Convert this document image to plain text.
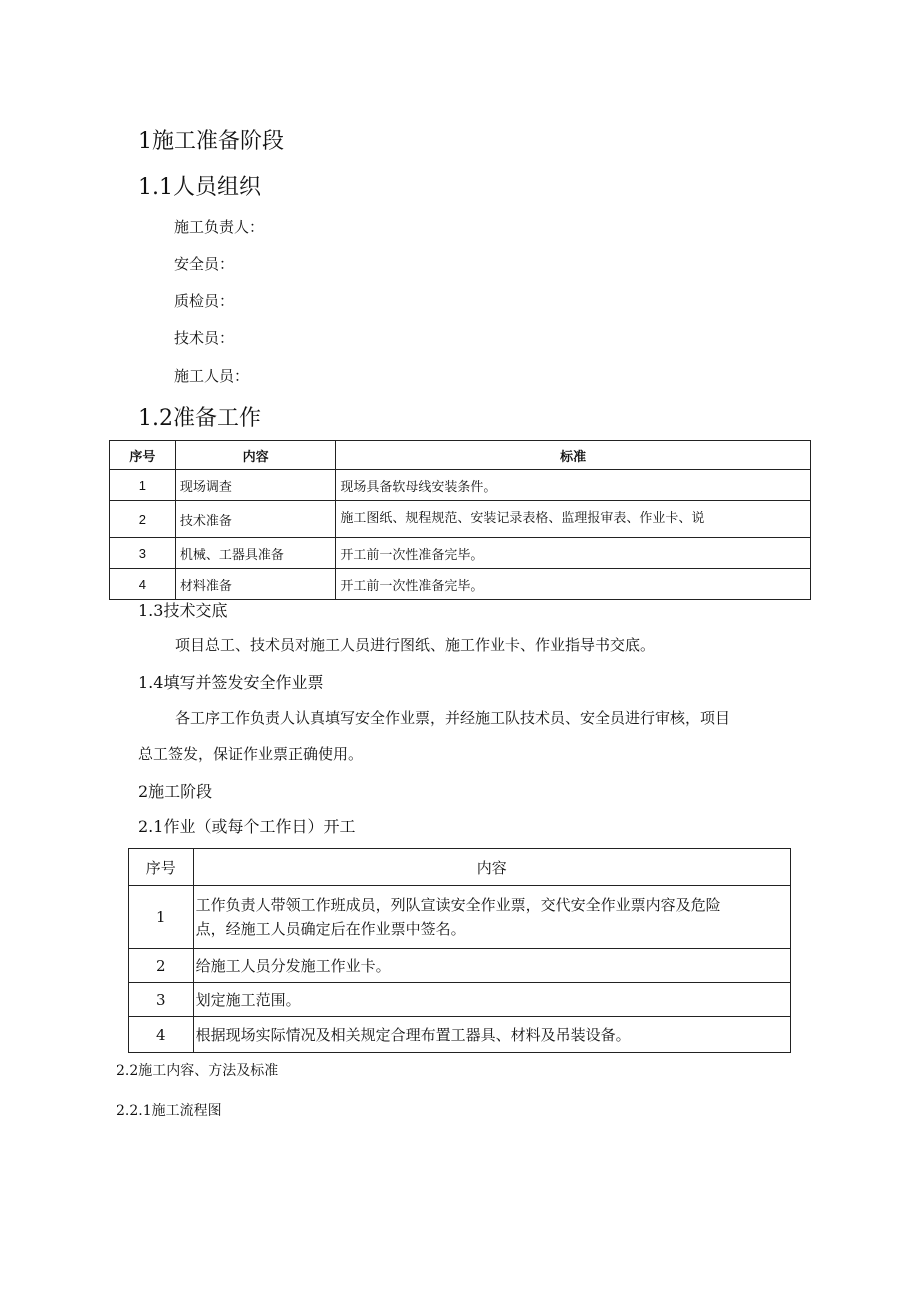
1施工准备阶段
1.1人员组织
施工负责人：
安全员：
质检员：
技术员：
施工人员：
1.2准备工作
序号	内容	标准
1	现场调查	现场具备软母线安装条件。
2	技术准备	施工图纸、规程规范、安装记录表格、监理报审表、作业卡、说
3	机械、工器具准备	开工前一次性准备完毕。
4	材料准备	开工前一次性准备完毕。
1.3技术交底
项目总工、技术员对施工人员进行图纸、施工作业卡、作业指导书交底。
1.4填写并签发安全作业票
各工序工作负责人认真填写安全作业票，并经施工队技术员、安全员进行审核，项目
总工签发，保证作业票正确使用。
2施工阶段
2.1作业（或每个工作日）开工
序号	内容
1	工作负责人带领工作班成员，列队宣读安全作业票，交代安全作业票内容及危险
点，经施工人员确定后在作业票中签名。

2	给施工人员分发施工作业卡。
3	划定施工范围。
4	根据现场实际情况及相关规定合理布置工器具、材料及吊装设备。
2.2施工内容、方法及标准
2.2.1施工流程图
